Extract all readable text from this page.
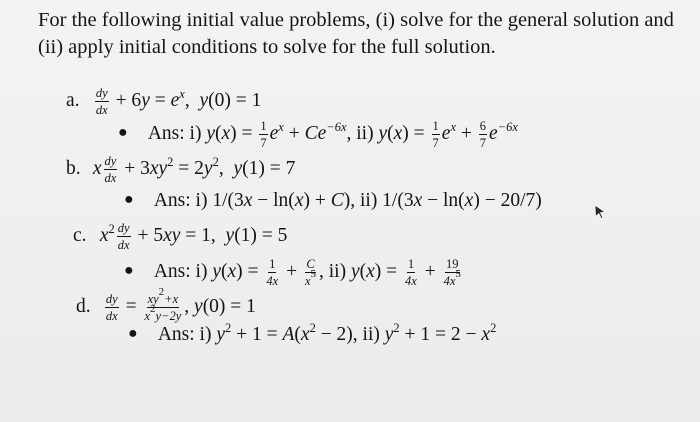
For the following initial value problems, (i) solve for the general solution and (ii) apply initial conditions to solve for the full solution.
a. $\frac{dy}{dx} + 6y = e^x$,  y(0) = 1
● Ans: i) $y(x) = \frac{1}{7} e^x + Ce^{-6x}$, ii) $y(x) = \frac{1}{7} e^x + \frac{6}{7} e^{-6x}$
b. x $\frac{dy}{dx} + 3xy^2 = 2y^2$,  y(1) = 7
● Ans: i) 1/(3x − ln(x) + C), ii) 1/(3x − ln(x) − 20/7)
c. $x^2 \frac{dy}{dx} + 5xy = 1$,  y(1) = 5
● Ans: i) $y(x) = \frac{1}{4x} + \frac{C}{x^5}$ , ii) $y(x) = \frac{1}{4x} + \frac{19}{4x^5}$
d. $\frac{dy}{dx} = \frac{xy^2+x}{x^2y-2y}$ , y(0) = 1
● Ans: i) $y^2 + 1 = A(x^2 - 2)$, ii) $y^2 + 1 = 2 - x^2$
